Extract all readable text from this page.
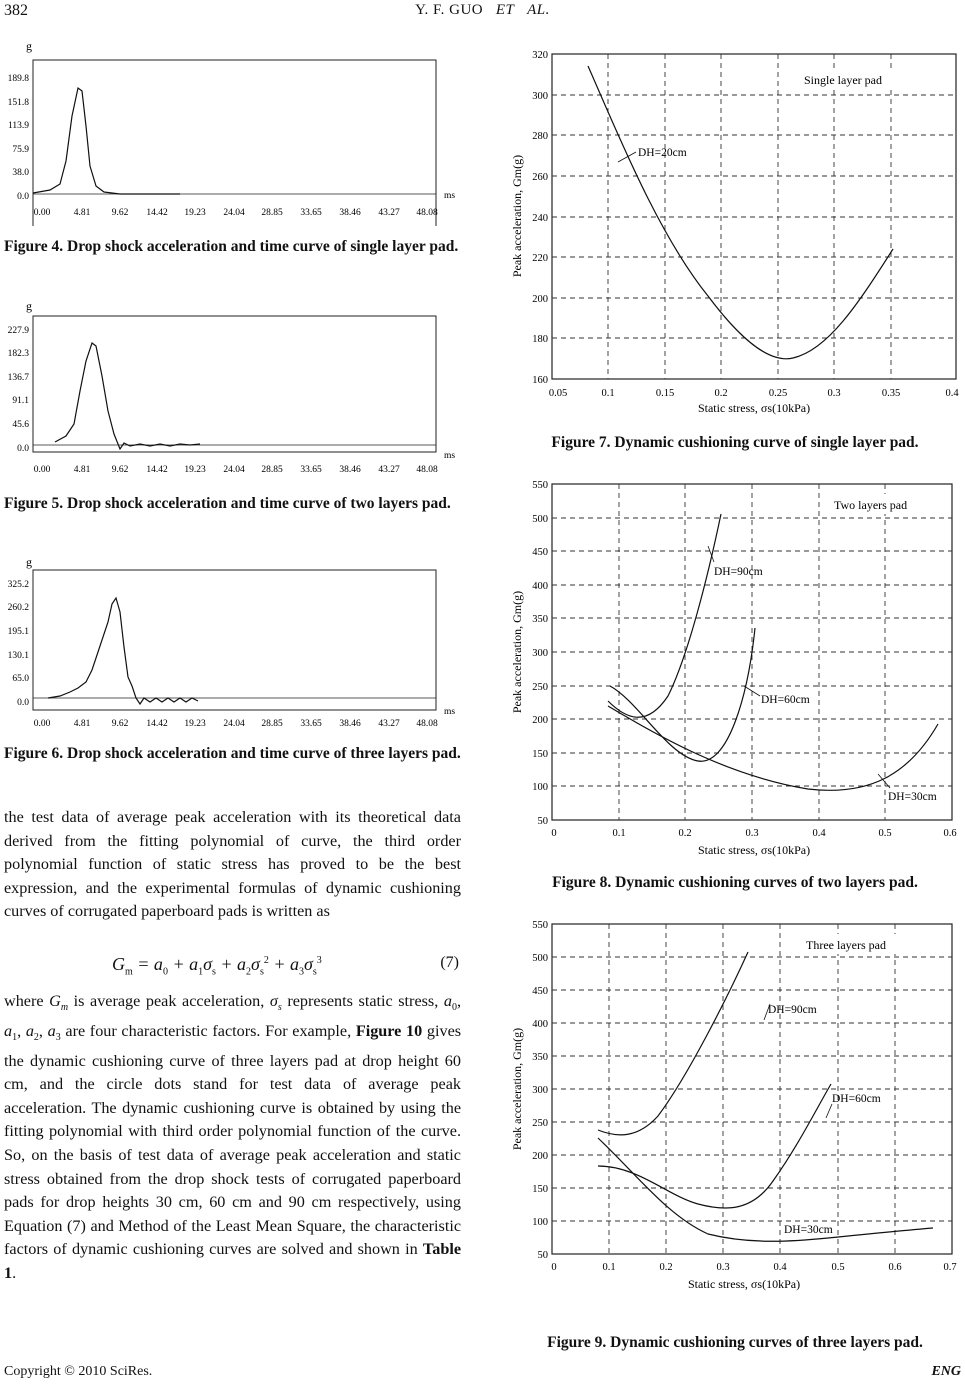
382	Y. F. GUO   ET   AL.
g
189.8
151.8
113.9
75.9
38.0
0.0	ms
0.00 4.81 9.62 14.42 19.23 24.04 28.85 33.65 38.46 43.27 48.08
Figure 4. Drop shock acceleration and time curve of single layer pad.
g
227.9
182.3
136.7
91.1
45.6
0.0
ms
0.00 4.81 9.62 14.42 19.23 24.04 28.85 33.65 38.46 43.27 48.08
Figure 5. Drop shock acceleration and time curve of two layers pad.
g
325.2
260.2
195.1
130.1
65.0
0.0
ms
0.00 4.81 9.62 14.42 19.23 24.04 28.85 33.65 38.46 43.27 48.08
Figure 6. Drop shock acceleration and time curve of three layers pad.

the test data of average peak acceleration with its theoretical data derived from the fitting polynomial of curve, the third order polynomial function of static stress has proved to be the best expression, and the experimental formulas of dynamic cushioning curves of corrugated paperboard pads is written as

$G_m = a_0 + a_1\sigma_s + a_2\sigma_s^2 + a_3\sigma_s^3$	(7)

where $G_m$ is average peak acceleration, $\sigma_s$ represents static stress, $a_0$, $a_1$, $a_2$, $a_3$ are four characteristic factors. For example, Figure 10 gives the dynamic cushioning curve of three layers pad at drop height 60 cm, and the circle dots stand for test data of average peak acceleration. The dynamic cushioning curve is obtained by using the fitting polynomial with third order polynomial function of the curve. So, on the basis of test data of average peak acceleration and static stress obtained from the drop shock tests of corrugated paperboard pads for drop heights 30 cm, 60 cm and 90 cm respectively, using Equation (7) and Method of the Least Mean Square, the characteristic factors of dynamic cushioning curves are solved and shown in Table 1.

Single layer pad
DH=20cm
320
300
280
260
240
220
200
180
160
0.05	0.1	0.15	0.2	0.25	0.3	0.35	0.4
Static stress, σs(10kPa)
Peak acceleration, Gm(g)
Figure 7. Dynamic cushioning curve of single layer pad.
Two layers pad
DH=90cm
DH=60cm
DH=30cm
550
500
450
400
350
300
250
200
150
100
50
0	0.1	0.2	0.3	0.4	0.5	0.6
Static stress, σs(10kPa)
Peak acceleration, Gm(g)
Figure 8. Dynamic cushioning curves of two layers pad.
Three layers pad
DH=90cm
DH=60cm
DH=30cm
550
500
450
400
350
300
250
200
150
100
50
0	0.1	0.2	0.3	0.4	0.5	0.6	0.7
Static stress, σs(10kPa)
Peak acceleration, Gm(g)
Figure 9. Dynamic cushioning curves of three layers pad.
Copyright © 2010 SciRes.	ENG
